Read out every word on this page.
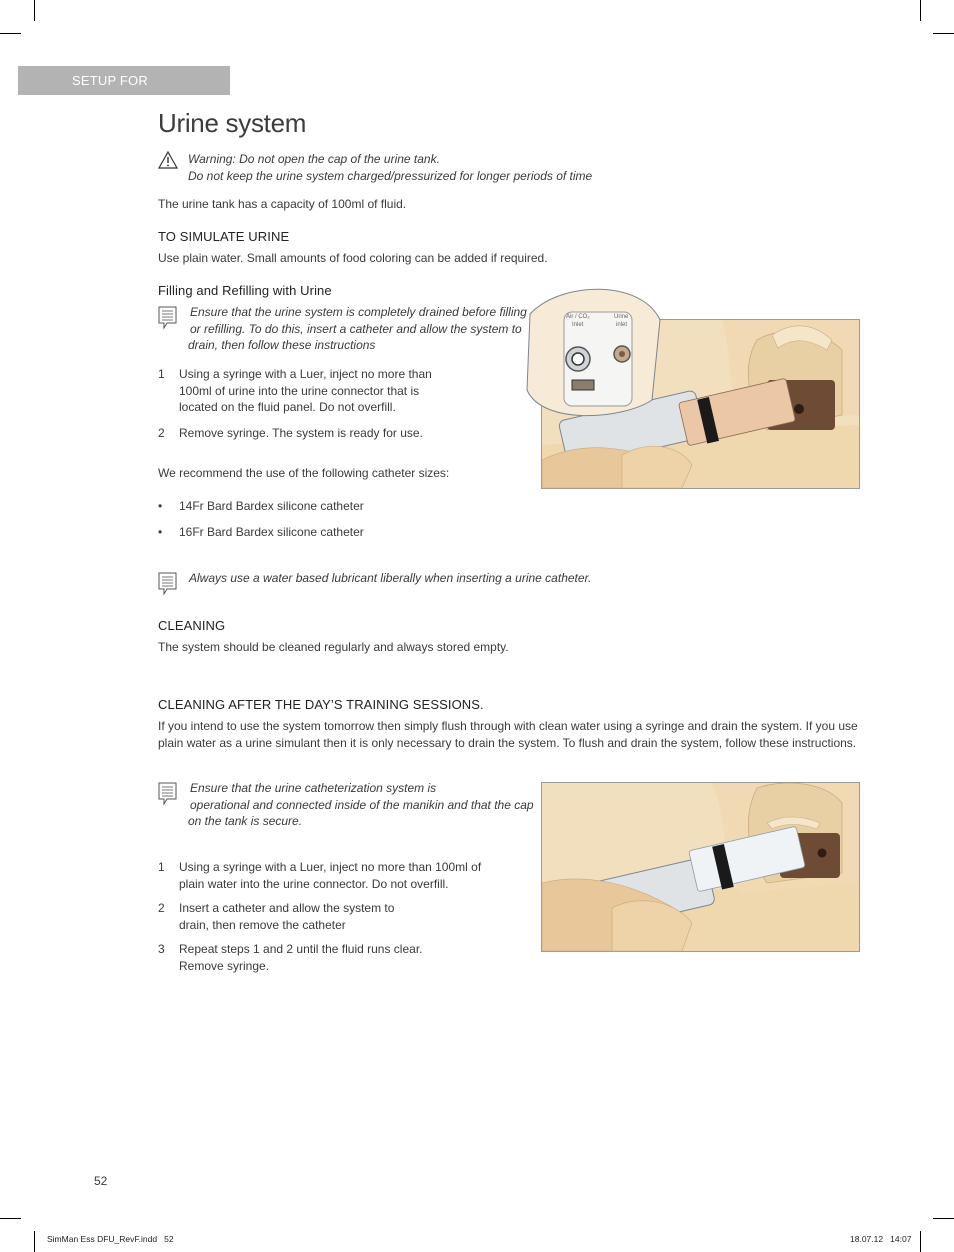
SETUP FOR SIMULATION	Urine system
Warning: Do not open the cap of the urine tank.
Do not keep the urine system charged/pressurized for longer periods of time
The urine tank has a capacity of 100ml of fluid.
TO SIMULATE URINE
Use plain water. Small amounts of food coloring can be added if required.
Filling and Refilling with Urine
Ensure that the urine system is completely drained before filling
or refilling. To do this, insert a catheter and allow the system to
drain, then follow these instructions
1 Using a syringe with a Luer, inject no more than
100ml of urine into the urine connector that is
located on the fluid panel. Do not overfill.
2 Remove syringe. The system is ready for use.
We recommend the use of the following catheter sizes:
• 14Fr Bard Bardex silicone catheter
• 16Fr Bard Bardex silicone catheter
Always use a water based lubricant liberally when inserting a urine catheter.
Air / CO₂
Inlet
Urine
inlet
CLEANING
The system should be cleaned regularly and always stored empty.
CLEANING AFTER THE DAY’S TRAINING SESSIONS.
If you intend to use the system tomorrow then simply flush through with clean water using a syringe and drain the system. If you use
plain water as a urine simulant then it is only necessary to drain the system. To flush and drain the system, follow these instructions.
Ensure that the urine catheterization system is
operational and connected inside of the manikin and that the cap
on the tank is secure.
1 Using a syringe with a Luer, inject no more than 100ml of
plain water into the urine connector. Do not overfill.
2 Insert a catheter and allow the system to
drain, then remove the catheter
3 Repeat steps 1 and 2 until the fluid runs clear.
Remove syringe.
52
SimMan Ess DFU_RevF.indd   52	18.07.12   14:07
